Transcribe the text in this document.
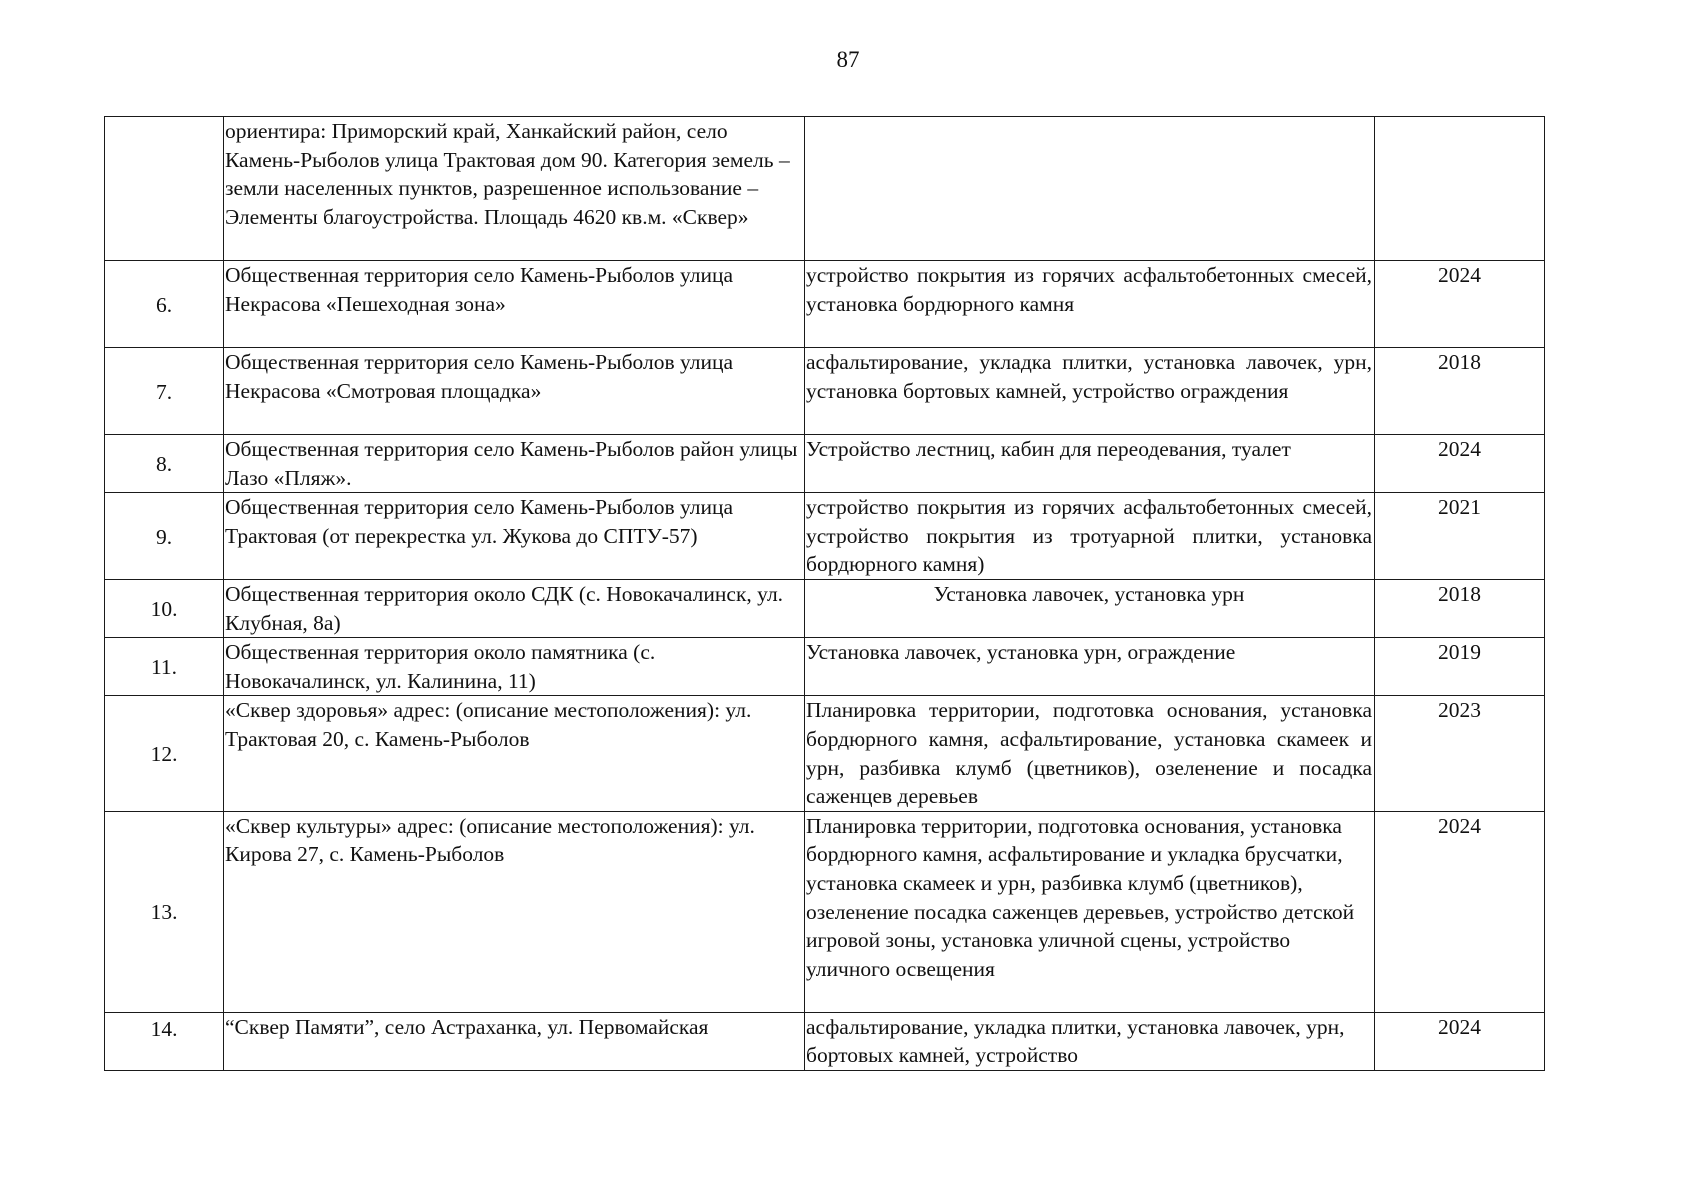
87
	ориентира: Приморский край, Ханкайский район, село Камень-Рыболов улица Трактовая дом 90. Категория земель – земли населенных пунктов, разрешенное использование – Элементы благоустройства. Площадь 4620 кв.м. «Сквер»		
6.	Общественная территория село Камень-Рыболов улица Некрасова «Пешеходная зона»	устройство покрытия из горячих асфальтобетонных смесей, установка бордюрного камня	2024
7.	Общественная территория село Камень-Рыболов улица Некрасова «Смотровая площадка»	асфальтирование, укладка плитки, установка лавочек, урн, установка бортовых камней, устройство ограждения	2018
8.	Общественная территория село Камень-Рыболов район улицы Лазо «Пляж».	Устройство лестниц, кабин для переодевания, туалет	2024
9.	Общественная территория село Камень-Рыболов улица Трактовая (от перекрестка ул. Жукова до СПТУ-57)	устройство покрытия из горячих асфальтобетонных смесей, устройство покрытия из тротуарной плитки, установка бордюрного камня)	2021
10.	Общественная территория около СДК (с. Новокачалинск, ул. Клубная, 8а)	Установка лавочек, установка урн	2018
11.	Общественная территория около памятника (с. Новокачалинск, ул. Калинина, 11)	Установка лавочек, установка урн, ограждение	2019
12.	«Сквер здоровья» адрес: (описание местоположения): ул. Трактовая 20, с. Камень-Рыболов	Планировка территории, подготовка основания, установка бордюрного камня, асфальтирование, установка скамеек и урн, разбивка клумб (цветников), озеленение и посадка саженцев деревьев	2023
13.	«Сквер культуры» адрес: (описание местоположения): ул. Кирова 27, с. Камень-Рыболов	Планировка территории, подготовка основания, установка бордюрного камня, асфальтирование и укладка брусчатки, установка скамеек и урн, разбивка клумб (цветников), озеленение посадка саженцев деревьев, устройство детской игровой зоны, установка уличной сцены, устройство уличного освещения	2024
14.	“Сквер Памяти”, село Астраханка, ул. Первомайская	асфальтирование, укладка плитки, установка лавочек, урн, бортовых камней, устройство	2024
